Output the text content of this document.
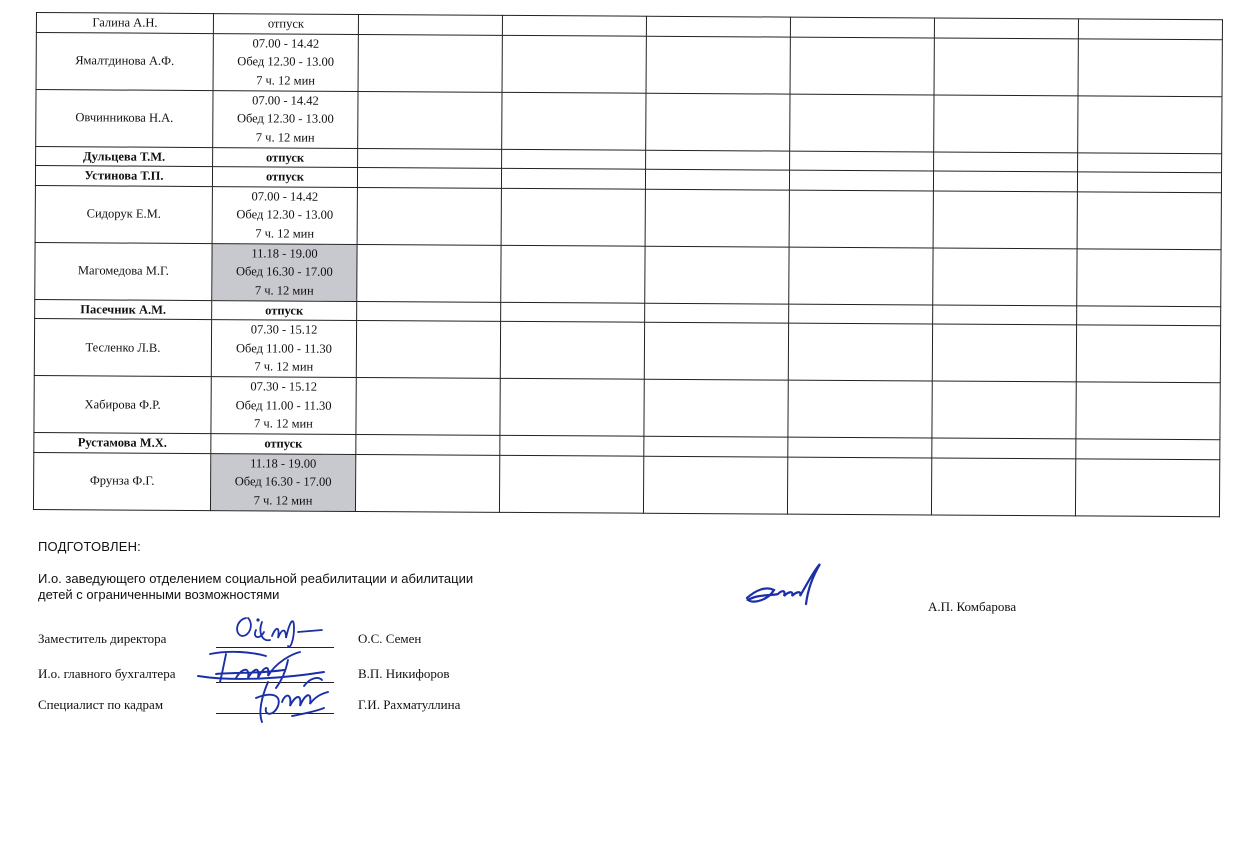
Галина А.Н.	отпуск						

Ямалтдинова А.Ф.	07.00 - 14.42
Обед 12.30 - 13.00
7 ч. 12 мин						

Овчинникова Н.А.	07.00 - 14.42
Обед 12.30 - 13.00
7 ч. 12 мин						

Дульцева Т.М.	отпуск						

Устинова Т.П.	отпуск						

Сидорук Е.М.	07.00 - 14.42
Обед 12.30 - 13.00
7 ч. 12 мин						

Магомедова М.Г.	11.18 - 19.00
Обед 16.30 - 17.00
7 ч. 12 мин						

Пасечник А.М.	отпуск						

Тесленко Л.В.	07.30 - 15.12
Обед 11.00 - 11.30
7 ч. 12 мин						

Хабирова Ф.Р.	07.30 - 15.12
Обед 11.00 - 11.30
7 ч. 12 мин						

Рустамова М.Х.	отпуск						

Фрунза Ф.Г.	11.18 - 19.00
Обед 16.30 - 17.00
7 ч. 12 мин						

ПОДГОТОВЛЕН:
И.о. заведующего отделением социальной реабилитации и абилитации
детей с ограниченными возможностями
А.П. Комбарова
Заместитель директора	О.С. Семен
И.о. главного бухгалтера	В.П. Никифоров
Специалист по кадрам	Г.И. Рахматуллина
